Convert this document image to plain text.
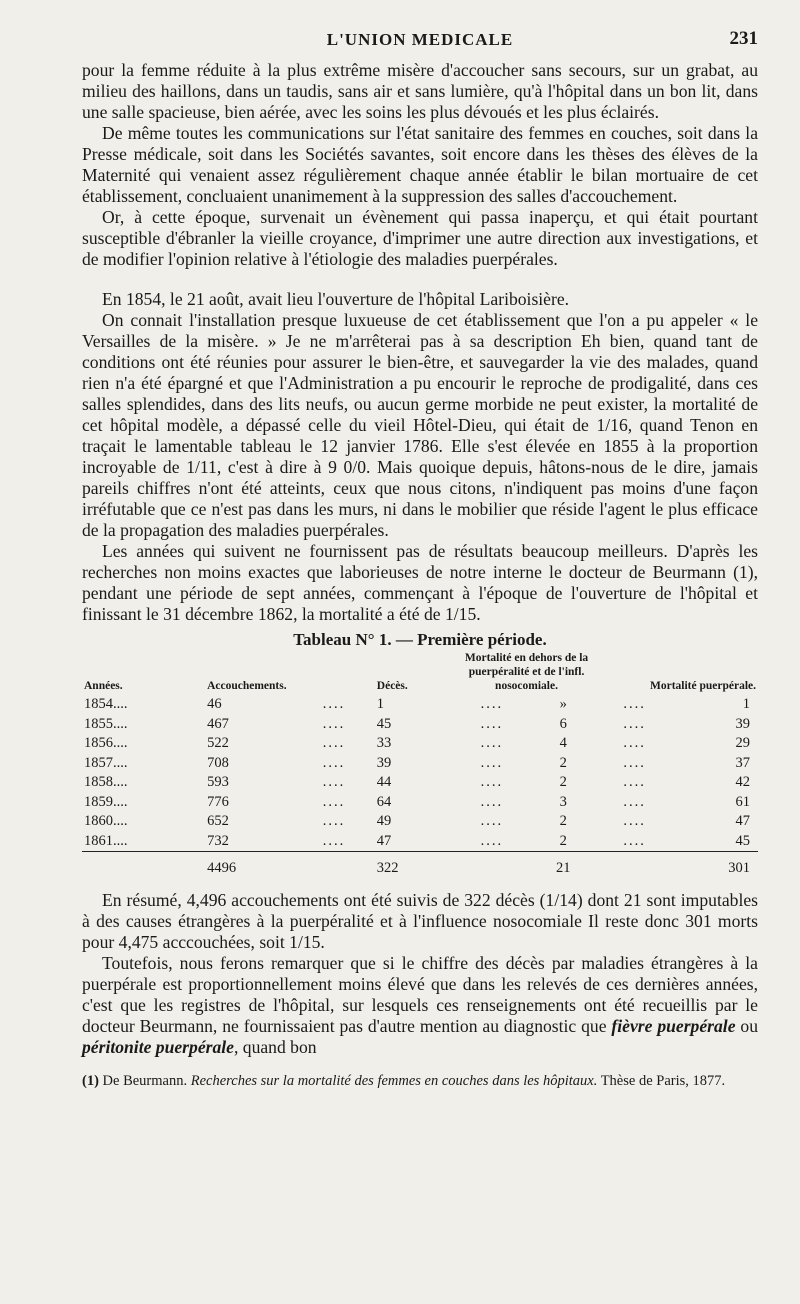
L'UNION MEDICALE	231

pour la femme réduite à la plus extrême misère d'accoucher sans secours, sur un grabat, au milieu des haillons, dans un taudis, sans air et sans lumière, qu'à l'hôpital dans un bon lit, dans une salle spacieuse, bien aérée, avec les soins les plus dévoués et les plus éclairés.

De même toutes les communications sur l'état sanitaire des femmes en couches, soit dans la Presse médicale, soit dans les Sociétés savantes, soit encore dans les thèses des élèves de la Maternité qui venaient assez régulièrement chaque année établir le bilan mortuaire de cet établissement, concluaient unanimement à la suppression des salles d'accouchement.

Or, à cette époque, survenait un évènement qui passa inaperçu, et qui était pourtant susceptible d'ébranler la vieille croyance, d'imprimer une autre direction aux investigations, et de modifier l'opinion relative à l'étiologie des maladies puerpérales.

En 1854, le 21 août, avait lieu l'ouverture de l'hôpital Lariboisière.

On connait l'installation presque luxueuse de cet établissement que l'on a pu appeler « le Versailles de la misère. » Je ne m'arrêterai pas à sa description Eh bien, quand tant de conditions ont été réunies pour assurer le bien-être, et sauvegarder la vie des malades, quand rien n'a été épargné et que l'Administration a pu encourir le reproche de prodigalité, dans ces salles splendides, dans des lits neufs, ou aucun germe morbide ne peut exister, la mortalité de cet hôpital modèle, a dépassé celle du vieil Hôtel-Dieu, qui était de 1/16, quand Tenon en traçait le lamentable tableau le 12 janvier 1786. Elle s'est élevée en 1855 à la proportion incroyable de 1/11, c'est à dire à 9 0/0. Mais quoique depuis, hâtons-nous de le dire, jamais pareils chiffres n'ont été atteints, ceux que nous citons, n'indiquent pas moins d'une façon irréfutable que ce n'est pas dans les murs, ni dans le mobilier que réside l'agent le plus efficace de la propagation des maladies puerpérales.

Les années qui suivent ne fournissent pas de résultats beaucoup meilleurs. D'après les recherches non moins exactes que laborieuses de notre interne le docteur de Beurmann (1), pendant une période de sept années, commençant à l'époque de l'ouverture de l'hôpital et finissant le 31 décembre 1862, la mortalité a été de 1/15.

Tableau N° 1. — Première période.
Années.	Accouchements.		Décès.	Mortalité en dehors de la puerpéralité et de l'infl. nosocomiale.		Mortalité puerpérale.	
1854....	46	....	1	....	»	....	1
1855....	467	....	45	....	6	....	39
1856....	522	....	33	....	4	....	29
1857....	708	....	39	....	2	....	37
1858....	593	....	44	....	2	....	42
1859....	776	....	64	....	3	....	61
1860....	652	....	49	....	2	....	47
1861....	732	....	47	....	2	....	45
	4496		322		21		301

En résumé, 4,496 accouchements ont été suivis de 322 décès (1/14) dont 21 sont imputables à des causes étrangères à la puerpéralité et à l'influence nosocomiale Il reste donc 301 morts pour 4,475 acccouchées, soit 1/15.

Toutefois, nous ferons remarquer que si le chiffre des décès par maladies étrangères à la puerpérale est proportionnellement moins élevé que dans les relevés de ces dernières années, c'est que les registres de l'hôpital, sur lesquels ces renseignements ont été recueillis par le docteur Beurmann, ne fournissaient pas d'autre mention au diagnostic que fièvre puerpérale ou péritonite puerpérale, quand bon

(1) De Beurmann. Recherches sur la mortalité des femmes en couches dans les hôpitaux. Thèse de Paris, 1877.
